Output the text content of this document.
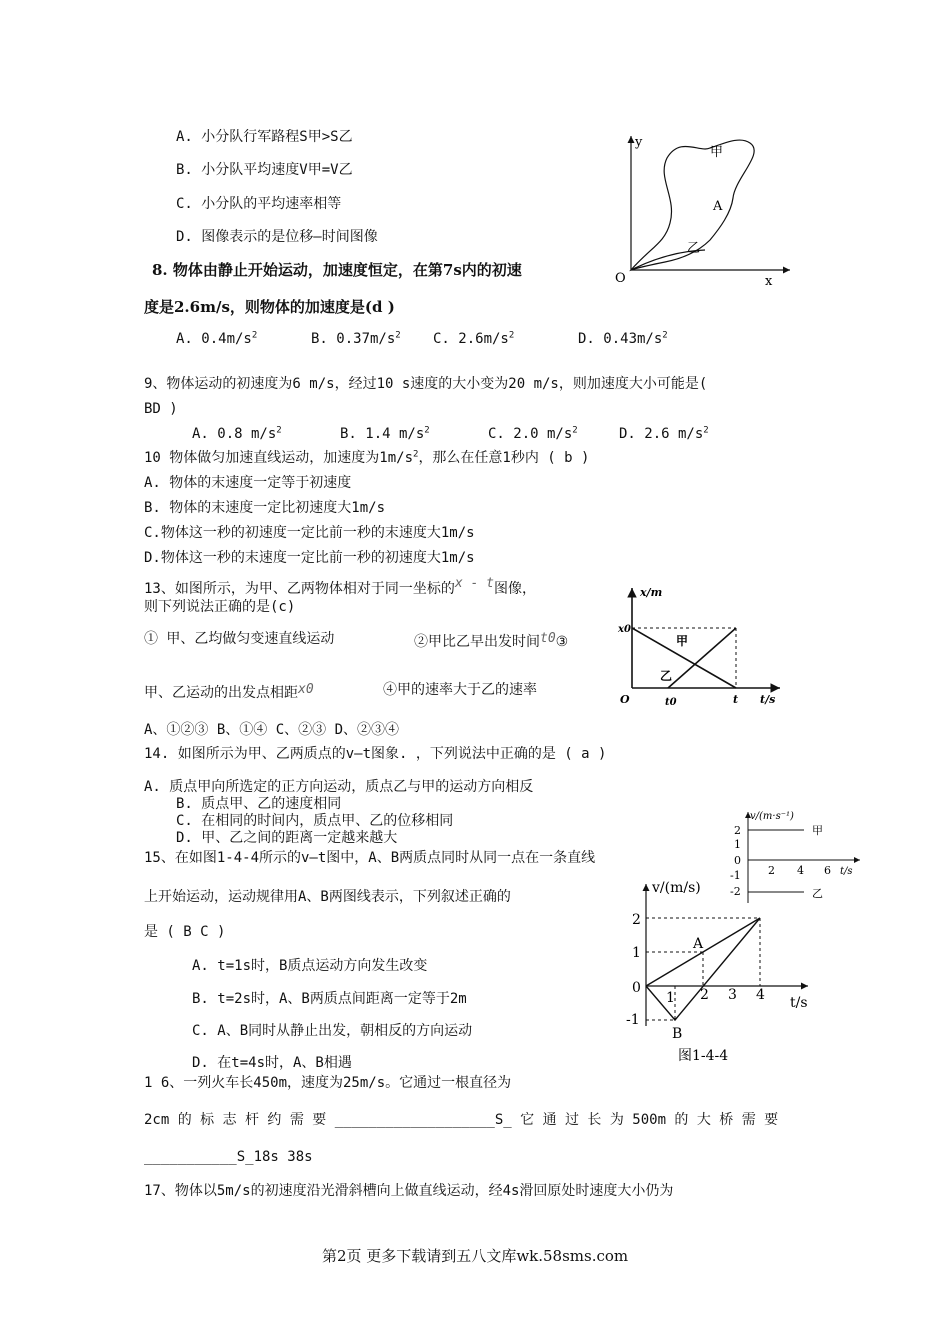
A. 小分队行军路程S甲>S乙
B. 小分队平均速度V甲=V乙
C. 小分队的平均速率相等
D. 图像表示的是位移—时间图像
y
x
O
甲
A
乙
8. 物体由静止开始运动，加速度恒定，在第7s内的初速
度是2.6m/s，则物体的加速度是(d )
A. $0.4m/s^2$	B. $0.37m/s^2$ C. $2.6m/s^2$	D. $0.43m/s^2$
9、物体运动的初速度为6 m/s，经过10 s速度的大小变为20 m/s，则加速度大小可能是(
BD )
A. 0.8 $m/s^2$	B. 1.4 $m/s^2$	C. 2.0 $m/s^2$	D. 2.6 $m/s^2$
10 物体做匀加速直线运动，加速度为$1m/s^2$，那么在任意1秒内 ( b )
A. 物体的末速度一定等于初速度
B. 物体的末速度一定比初速度大1m/s
C.物体这一秒的初速度一定比前一秒的末速度大1m/s
D.物体这一秒的末速度一定比前一秒的初速度大1m/s
13、如图所示，为甲、乙两物体相对于同一坐标的x - t图像，
则下列说法正确的是(c)
① 甲、乙均做匀变速直线运动	②甲比乙早出发时间t0③
甲、乙运动的出发点相距x0	④甲的速率大于乙的速率
A、①②③ B、①④ C、②③ D、②③④
x/m
x0
O	t0	t t/s
甲
乙
14. 如图所示为甲、乙两质点的v—t图象. ，下列说法中正确的是 ( a )
A. 质点甲向所选定的正方向运动，质点乙与甲的运动方向相反
B. 质点甲、乙的速度相同
C. 在相同的时间内，质点甲、乙的位移相同
D. 甲、乙之间的距离一定越来越大
v/(m·s⁻¹)
2
1
0
-1
-2
2 4 6 t/s
甲
乙
15、在如图1-4-4所示的v—t图中，A、B两质点同时从同一点在一条直线
上开始运动，运动规律用A、B两图线表示，下列叙述正确的
是 ( B C )
A. t=1s时，B质点运动方向发生改变
B. t=2s时，A、B两质点间距离一定等于2m
C. A、B同时从静止出发，朝相反的方向运动
D. 在t=4s时，A、B相遇
v/(m/s)
2
1
0
-1
1 2 3 4 t/s
A
B
图1-4-4
1 6、一列火车长450m，速度为25m/s。它通过一根直径为
2cm 的 标 志 杆 约 需 要 ___________________S_ 它 通 过 长 为 500m 的 大 桥 需 要
___________S_18s 38s
17、物体以5m/s的初速度沿光滑斜槽向上做直线运动，经4s滑回原处时速度大小仍为
第2页 更多下载请到五八文库wk.58sms.com
